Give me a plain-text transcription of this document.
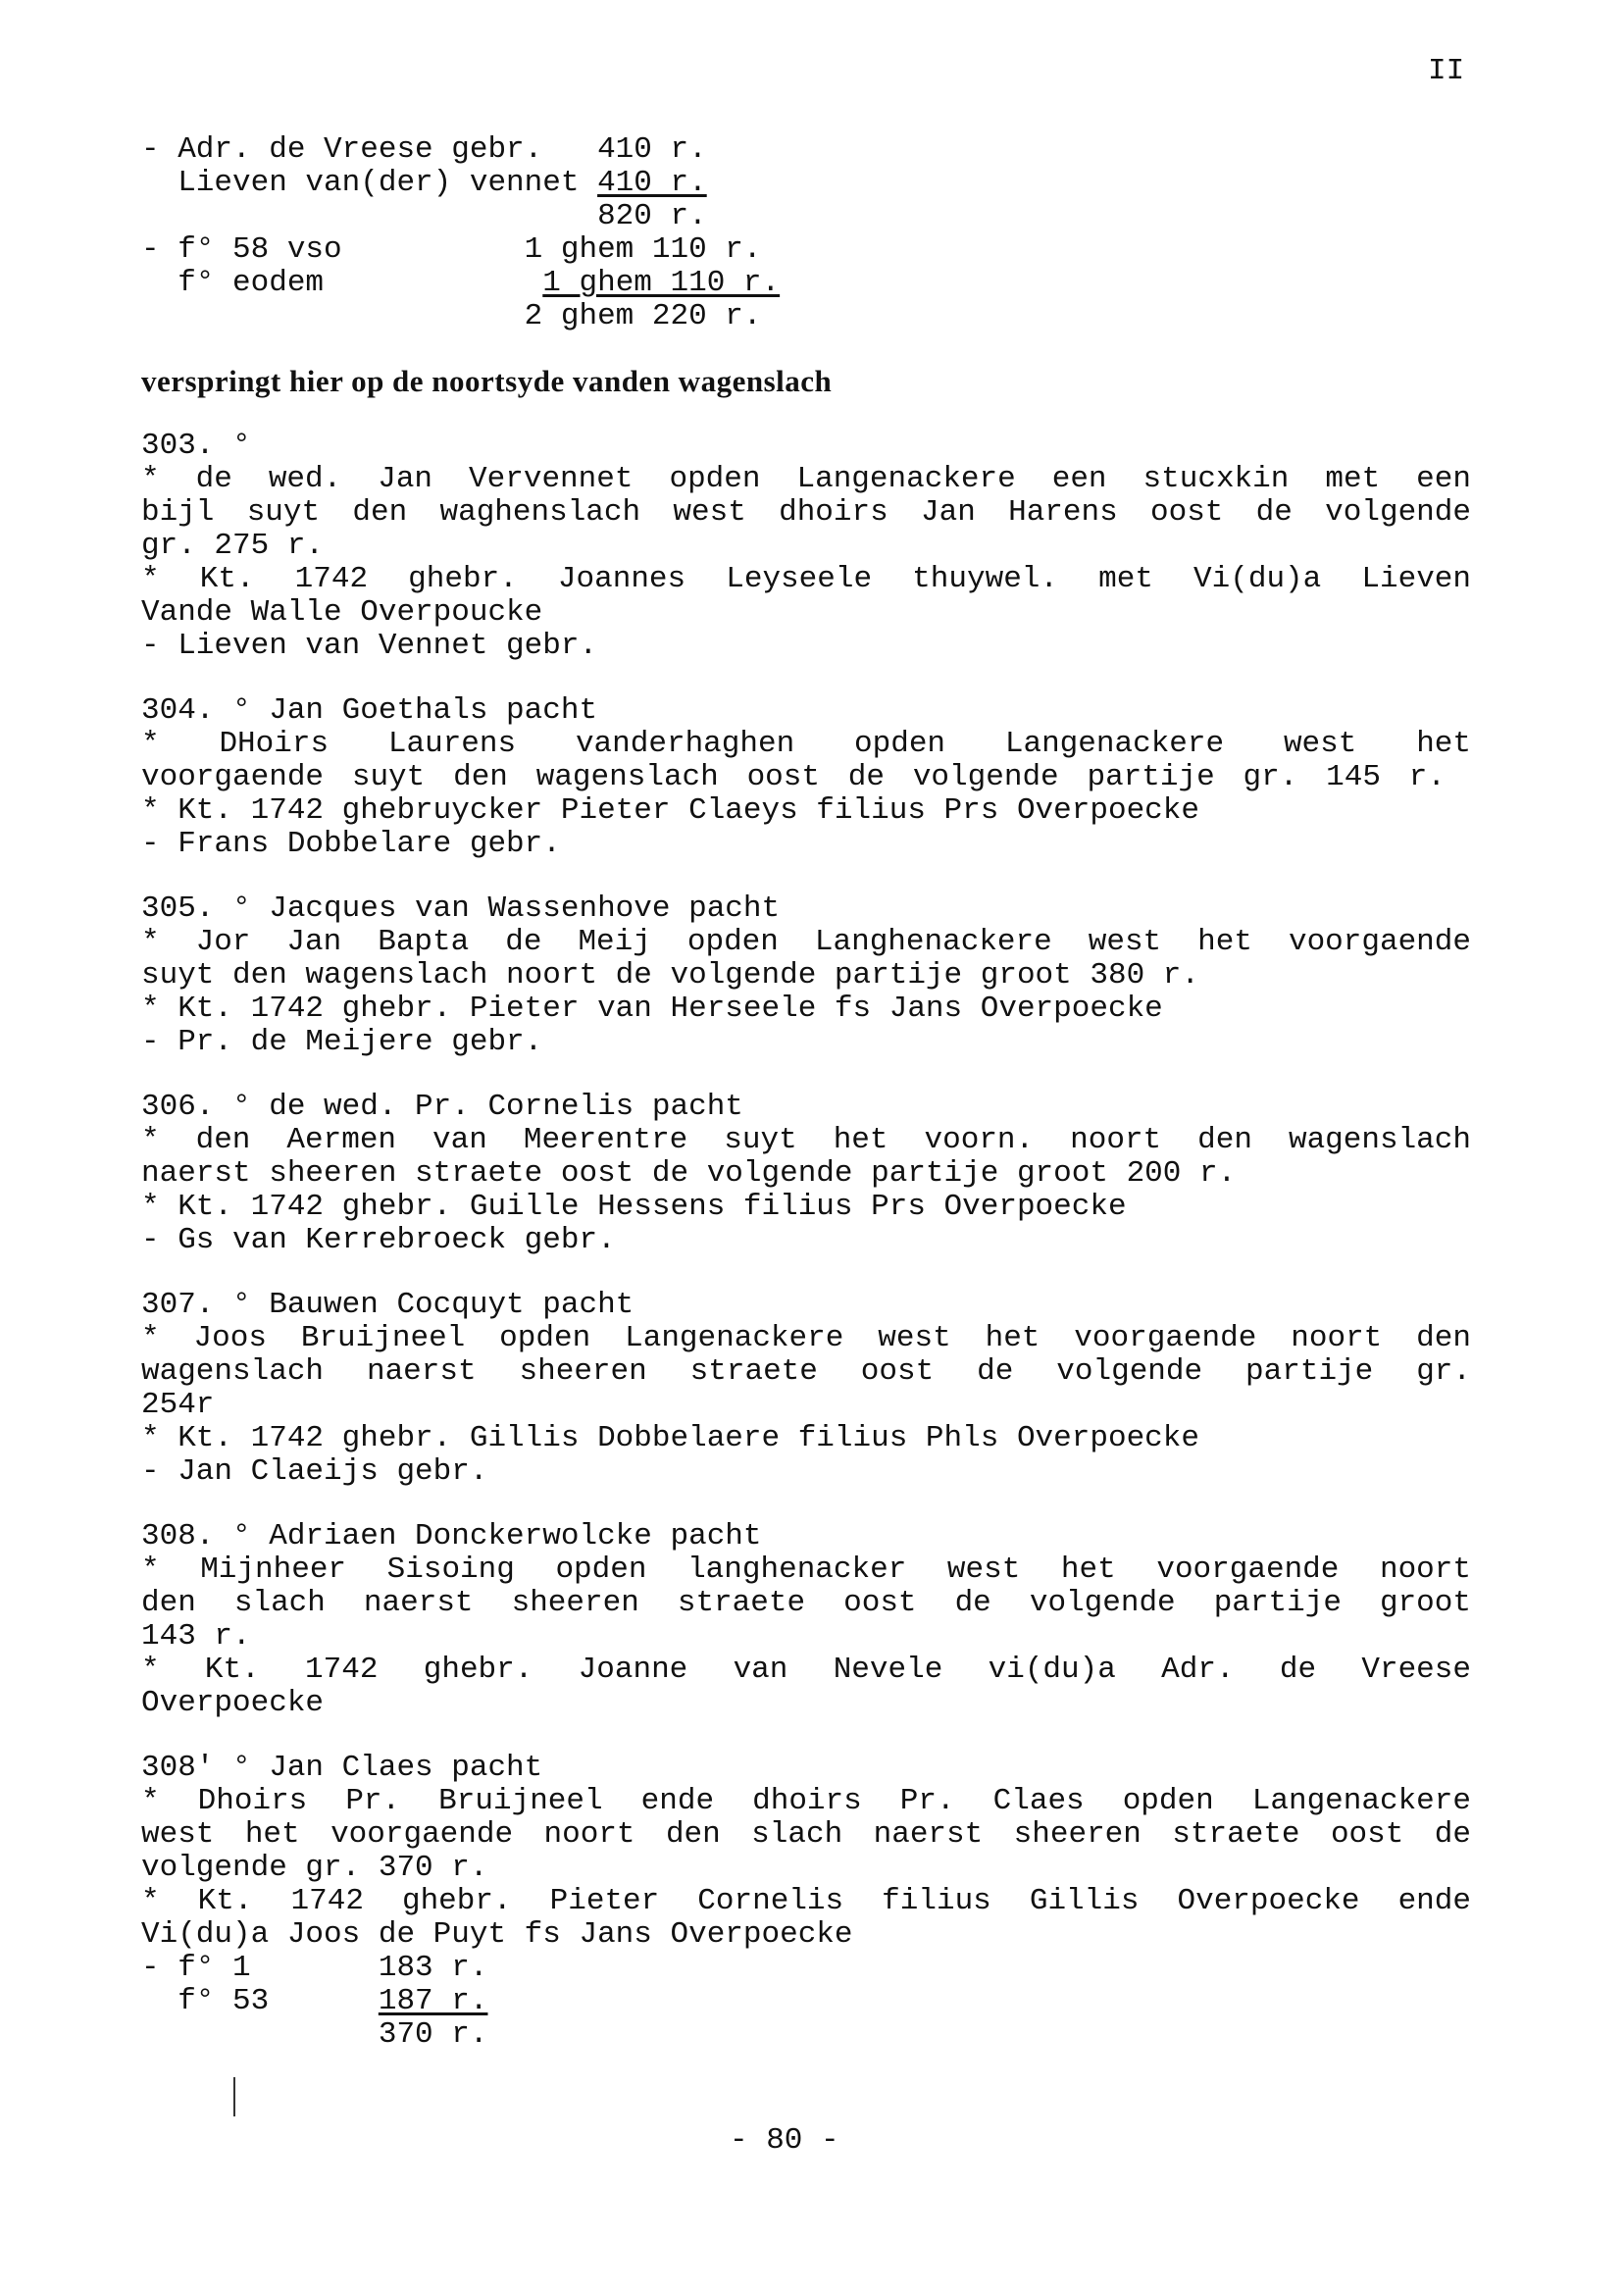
II
- Adr. de Vreese gebr.   410 r.
Lieven van(der) vennet 410 r.
820 r.
- f° 58 vso          1 ghem 110 r.
f° eodem            1 ghem 110 r.
2 ghem 220 r.
verspringt hier op de noortsyde vanden wagenslach
303. °
* de wed. Jan Vervennet opden Langenackere een stucxkin met een
bijl suyt den waghenslach west dhoirs Jan Harens oost de volgende
gr. 275 r.
* Kt. 1742 ghebr. Joannes Leyseele thuywel. met Vi(du)a Lieven
Vande Walle Overpoucke
- Lieven van Vennet gebr.
304. ° Jan Goethals pacht
* DHoirs Laurens vanderhaghen opden Langenackere west het
voorgaende suyt den wagenslach oost de volgende partije gr. 145 r.
* Kt. 1742 ghebruycker Pieter Claeys filius Prs Overpoecke
- Frans Dobbelare gebr.
305. ° Jacques van Wassenhove pacht
* Jor Jan Bapta de Meij opden Langhenackere west het voorgaende
suyt den wagenslach noort de volgende partije groot 380 r.
* Kt. 1742 ghebr. Pieter van Herseele fs Jans Overpoecke
- Pr. de Meijere gebr.
306. ° de wed. Pr. Cornelis pacht
* den Aermen van Meerentre suyt het voorn. noort den wagenslach
naerst sheeren straete oost de volgende partije groot 200 r.
* Kt. 1742 ghebr. Guille Hessens filius Prs Overpoecke
- Gs van Kerrebroeck gebr.
307. ° Bauwen Cocquyt pacht
* Joos Bruijneel opden Langenackere west het voorgaende noort den
wagenslach naerst sheeren straete oost de volgende partije gr.
254r
* Kt. 1742 ghebr. Gillis Dobbelaere filius Phls Overpoecke
- Jan Claeijs gebr.
308. ° Adriaen Donckerwolcke pacht
* Mijnheer Sisoing opden langhenacker west het voorgaende noort
den slach naerst sheeren straete oost de volgende partije groot
143 r.
* Kt. 1742 ghebr. Joanne van Nevele vi(du)a Adr. de Vreese
Overpoecke
308' ° Jan Claes pacht
* Dhoirs Pr. Bruijneel ende dhoirs Pr. Claes opden Langenackere
west het voorgaende noort den slach naerst sheeren straete oost de
volgende gr. 370 r.
* Kt. 1742 ghebr. Pieter Cornelis filius Gillis Overpoecke ende
Vi(du)a Joos de Puyt fs Jans Overpoecke
- f° 1       183 r.
f° 53      187 r.
370 r.
- 80 -
